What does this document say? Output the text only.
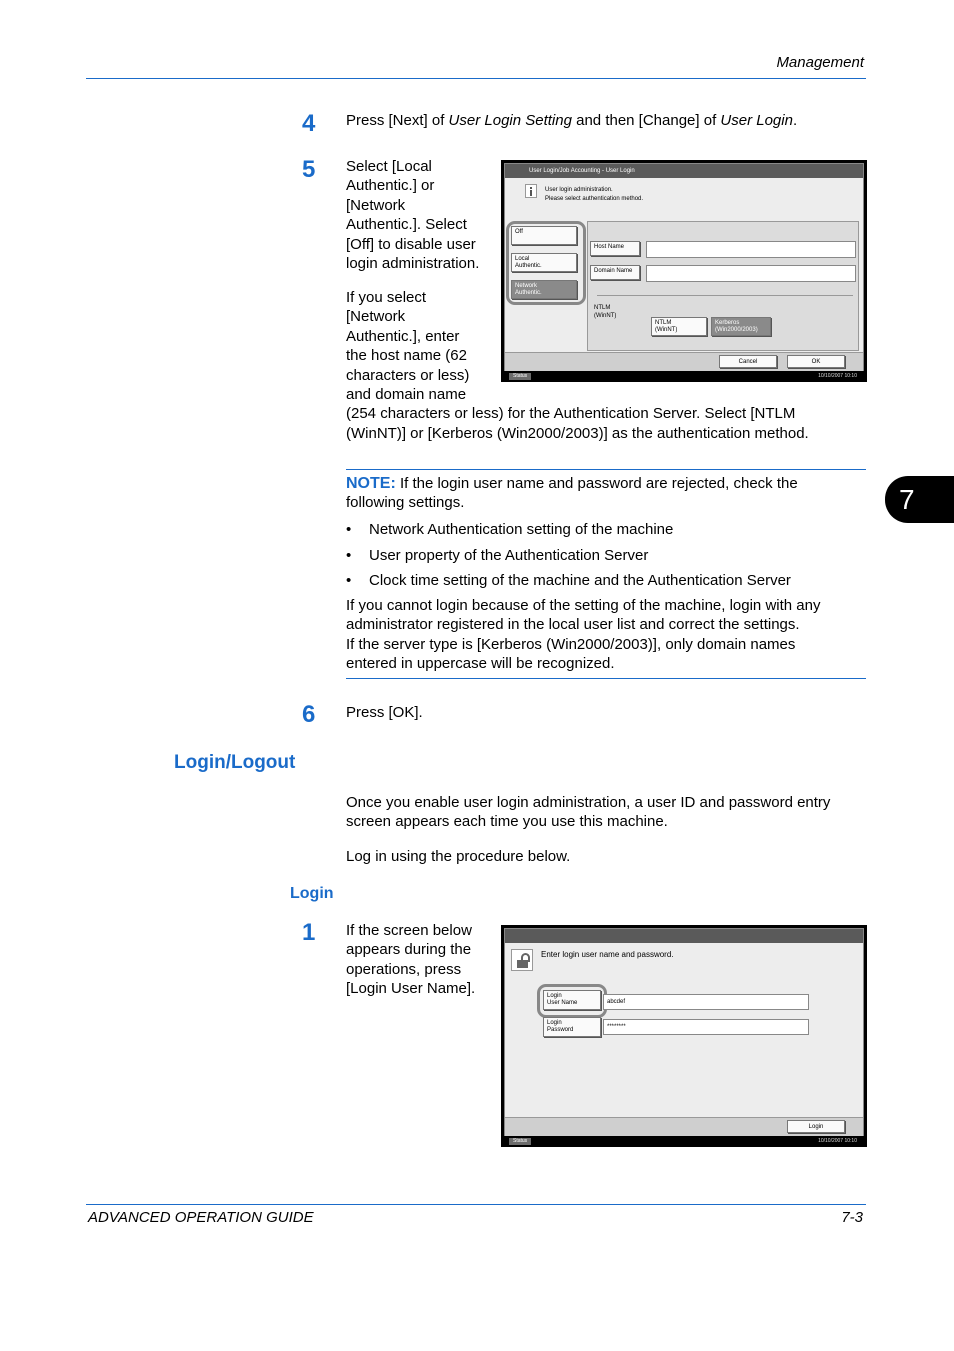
Management
4 Press [Next] of User Login Setting and then [Change] of User Login.
5 Select [Local
Authentic.] or
[Network
Authentic.]. Select
[Off] to disable user
login administration.
If you select
[Network
Authentic.], enter
the host name (62
characters or less)
and domain name
(254 characters or less) for the Authentication Server. Select [NTLM
(WinNT)] or [Kerberos (Win2000/2003)] as the authentication method.
User Login/Job Accounting - User Login
User login administration.
Please select authentication method.
Off
Local
Authentic.
Network
Authentic.
Host Name
Domain Name
NTLM
(WinNT)
NTLM
(WinNT)
Kerberos
(Win2000/2003)
Cancel	OK
Status	10/10/2007 10:10
NOTE: If the login user name and password are rejected, check the
following settings.
• Network Authentication setting of the machine
• User property of the Authentication Server
• Clock time setting of the machine and the Authentication Server
If you cannot login because of the setting of the machine, login with any
administrator registered in the local user list and correct the settings.
If the server type is [Kerberos (Win2000/2003)], only domain names
entered in uppercase will be recognized.
7
6 Press [OK].
Login/Logout
Once you enable user login administration, a user ID and password entry
screen appears each time you use this machine.
Log in using the procedure below.
Login
1 If the screen below
appears during the
operations, press
[Login User Name].
Enter login user name and password.
Login
User Name	abcdef
Login
Password	********
Login
Status	10/10/2007 10:10
ADVANCED OPERATION GUIDE	7-3
